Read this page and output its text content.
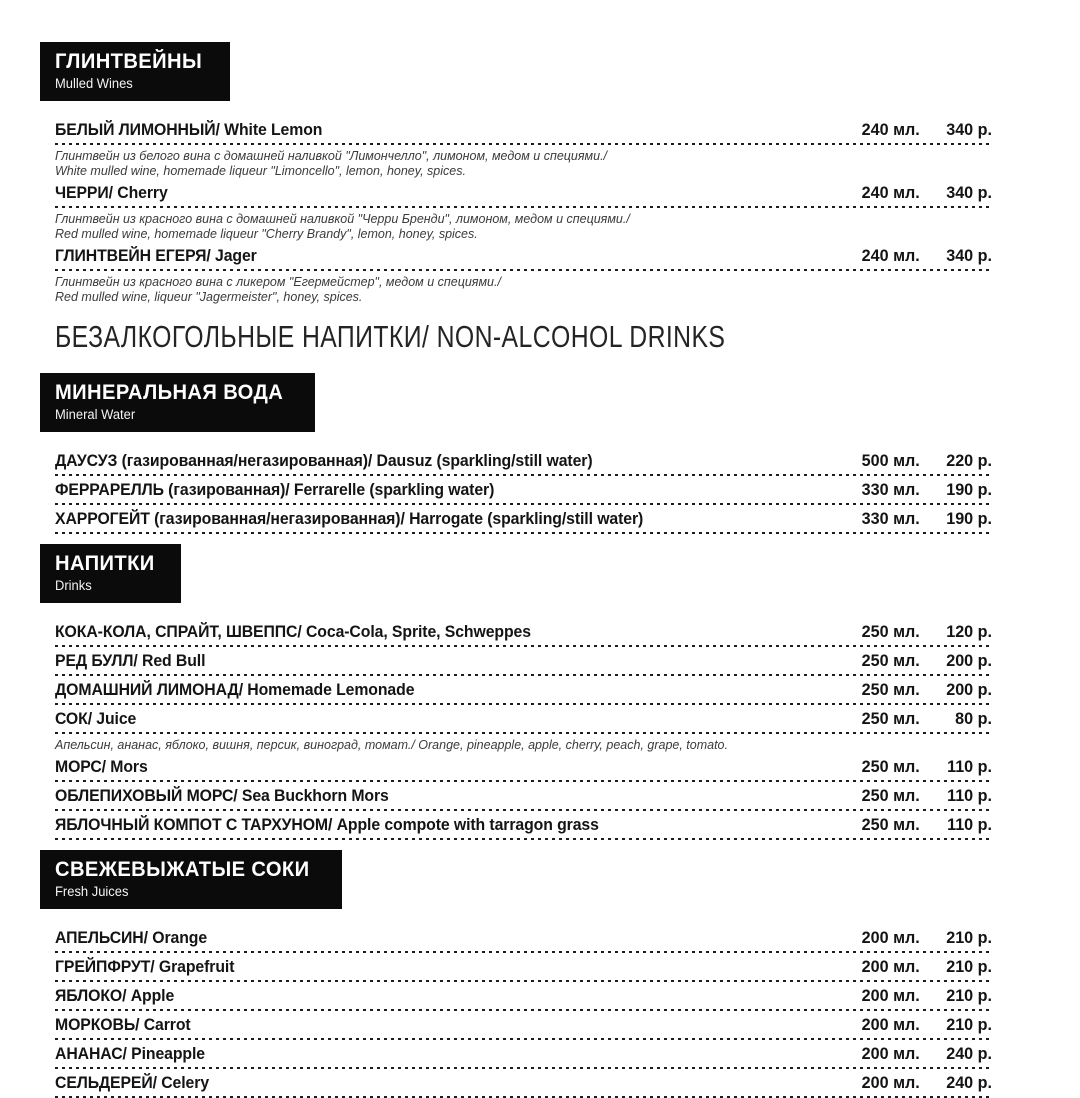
ГЛИНТВЕЙНЫ
Mulled Wines
БЕЛЫЙ ЛИМОННЫЙ/ White Lemon	240 мл.	340 р.

Глинтвейн из белого вина с домашней наливкой "Лимончелло", лимоном, медом и специями./
White mulled wine, homemade liqueur "Limoncello", lemon, honey, spices.

ЧЕРРИ/ Cherry	240 мл.	340 р.

Глинтвейн из красного вина с домашней наливкой "Черри Бренди", лимоном, медом и специями./
Red mulled wine, homemade liqueur "Cherry Brandy", lemon, honey, spices.

ГЛИНТВЕЙН ЕГЕРЯ/ Jager	240 мл.	340 р.

Глинтвейн из красного вина с ликером "Егермейстер", медом и специями./
Red mulled wine, liqueur "Jagermeister", honey, spices.

БЕЗАЛКОГОЛЬНЫЕ НАПИТКИ/ NON-ALCOHOL DRINKS
МИНЕРАЛЬНАЯ ВОДА
Mineral Water
ДАУСУЗ (газированная/негазированная)/ Dausuz (sparkling/still water)	500 мл.	220 р.
ФЕРРАРЕЛЛЬ (газированная)/ Ferrarelle (sparkling water)	330 мл.	190 р.
ХАРРОГЕЙТ (газированная/негазированная)/ Harrogate (sparkling/still water)	330 мл.	190 р.
НАПИТКИ
Drinks
КОКА-КОЛА, СПРАЙТ, ШВЕППС/ Coca-Cola, Sprite, Schweppes	250 мл.	120 р.
РЕД БУЛЛ/ Red Bull	250 мл.	200 р.
ДОМАШНИЙ ЛИМОНАД/ Homemade Lemonade	250 мл.	200 р.
СОК/ Juice	250 мл.	80 р.

Апельсин, ананас, яблоко, вишня, персик, виноград, томат./ Orange, pineapple, apple, cherry, peach, grape, tomato.

МОРС/ Mors	250 мл.	110 р.
ОБЛЕПИХОВЫЙ МОРС/ Sea Buckhorn Mors	250 мл.	110 р.
ЯБЛОЧНЫЙ КОМПОТ С ТАРХУНОМ/ Apple compote with tarragon grass	250 мл.	110 р.
СВЕЖЕВЫЖАТЫЕ СОКИ
Fresh Juices
АПЕЛЬСИН/ Orange	200 мл.	210 р.
ГРЕЙПФРУТ/ Grapefruit	200 мл.	210 р.
ЯБЛОКО/ Apple	200 мл.	210 р.
МОРКОВЬ/ Carrot	200 мл.	210 р.
АНАНАС/ Pineapple	200 мл.	240 р.
СЕЛЬДЕРЕЙ/ Celery	200 мл.	240 р.
